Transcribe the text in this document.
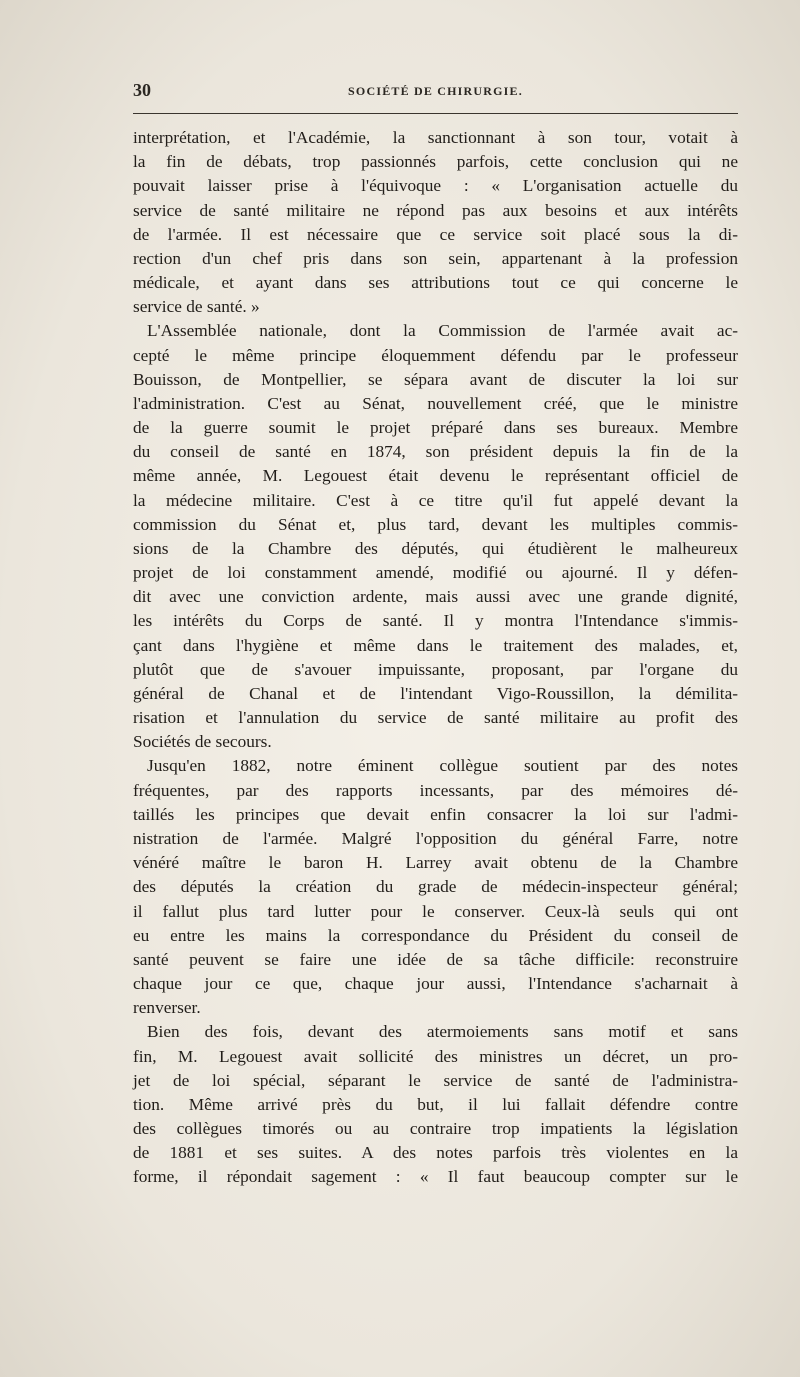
30	SOCIÉTÉ DE CHIRURGIE.
interprétation, et l'Académie, la sanctionnant à son tour, votait à
la fin de débats, trop passionnés parfois, cette conclusion qui ne
pouvait laisser prise à l'équivoque : « L'organisation actuelle du
service de santé militaire ne répond pas aux besoins et aux intérêts
de l'armée. Il est nécessaire que ce service soit placé sous la di-
rection d'un chef pris dans son sein, appartenant à la profession
médicale, et ayant dans ses attributions tout ce qui concerne le
service de santé. »
L'Assemblée nationale, dont la Commission de l'armée avait ac-
cepté le même principe éloquemment défendu par le professeur
Bouisson, de Montpellier, se sépara avant de discuter la loi sur
l'administration. C'est au Sénat, nouvellement créé, que le ministre
de la guerre soumit le projet préparé dans ses bureaux. Membre
du conseil de santé en 1874, son président depuis la fin de la
même année, M. Legouest était devenu le représentant officiel de
la médecine militaire. C'est à ce titre qu'il fut appelé devant la
commission du Sénat et, plus tard, devant les multiples commis-
sions de la Chambre des députés, qui étudièrent le malheureux
projet de loi constamment amendé, modifié ou ajourné. Il y défen-
dit avec une conviction ardente, mais aussi avec une grande dignité,
les intérêts du Corps de santé. Il y montra l'Intendance s'immis-
çant dans l'hygiène et même dans le traitement des malades, et,
plutôt que de s'avouer impuissante, proposant, par l'organe du
général de Chanal et de l'intendant Vigo-Roussillon, la démilita-
risation et l'annulation du service de santé militaire au profit des
Sociétés de secours.
Jusqu'en 1882, notre éminent collègue soutient par des notes
fréquentes, par des rapports incessants, par des mémoires dé-
taillés les principes que devait enfin consacrer la loi sur l'admi-
nistration de l'armée. Malgré l'opposition du général Farre, notre
vénéré maître le baron H. Larrey avait obtenu de la Chambre
des députés la création du grade de médecin-inspecteur général;
il fallut plus tard lutter pour le conserver. Ceux-là seuls qui ont
eu entre les mains la correspondance du Président du conseil de
santé peuvent se faire une idée de sa tâche difficile: reconstruire
chaque jour ce que, chaque jour aussi, l'Intendance s'acharnait à
renverser.
Bien des fois, devant des atermoiements sans motif et sans
fin, M. Legouest avait sollicité des ministres un décret, un pro-
jet de loi spécial, séparant le service de santé de l'administra-
tion. Même arrivé près du but, il lui fallait défendre contre
des collègues timorés ou au contraire trop impatients la législation
de 1881 et ses suites. A des notes parfois très violentes en la
forme, il répondait sagement : « Il faut beaucoup compter sur le
